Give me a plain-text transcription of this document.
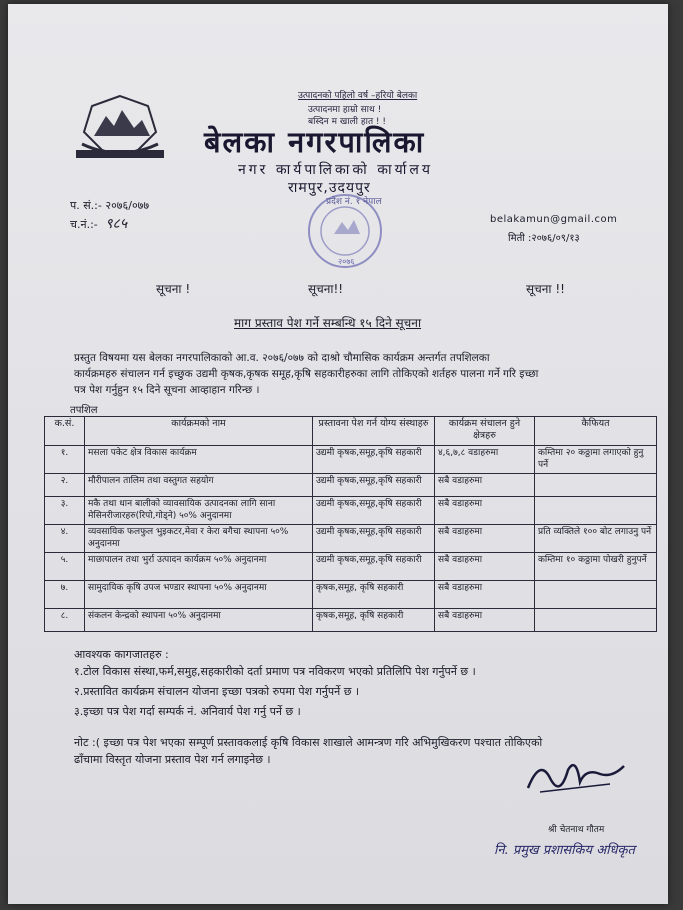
उत्पादनको पहिलो वर्ष –हरियो बेलका
उत्पादनमा हाम्रो साथ !
बस्दिन म खाली हात ! !
बेलका नगरपालिका
नगर कार्यपालिकाको कार्यालय
रामपुर,उदयपुर
प. सं.:- २०७६/०७७
च.नं.:- ९८५
२०७६
प्रदेश नं. १ नेपाल
belakamun@gmail.com
मिती :२०७६/०९/१३
सूचना !	सूचना!!	सूचना !!
माग प्रस्ताव पेश गर्ने सम्बन्धि १५ दिने सूचना
प्रस्तुत विषयमा यस बेलका नगरपालिकाको आ.व. २०७६/०७७ को दाश्रो चौमासिक कार्यक्रम अन्तर्गत तपशिलका
कार्यक्रमहरु संचालन गर्न इच्छुक उद्यमी कृषक,कृषक समूह,कृषि सहकारीहरुका लागि तोकिएको शर्तहरु पालना गर्ने गरि इच्छा
पत्र पेश गर्नुहुन १५ दिने सूचना आव्हाहान गरिन्छ ।
तपशिल
क.सं.	कार्यक्रमको नाम	प्रस्तावना पेश गर्न योग्य संस्थाहरु	कार्यक्रम संचालन हुने क्षेत्रहरु	कैफियत
१.	मसला पकेट क्षेत्र विकास कार्यक्रम	उद्यमी कृषक,समूह,कृषि सहकारी	४,६,७,८ वडाहरुमा	कम्तिमा २० कठ्ठामा लगाएको हुनु पर्ने
२.	मौरीपालन तालिम तथा वस्तुगत सहयोग	उद्यमी कृषक,समूह,कृषि सहकारी	सबै वडाहरुमा	
३.	मकै तथा धान बालीको व्यावसायिक उत्पादनका लागि साना मेसिनरीजारहरु(रिपो,गोड्ने) ५०% अनुदानमा	उद्यमी कृषक,समूह,कृषि सहकारी	सबै वडाहरुमा	
४.	व्यवसायिक फलफुल भुइकटर,मेवा र केरा बगैचा स्थापना ५०% अनुदानमा	उद्यमी कृषक,समूह,कृषि सहकारी	सबै वडाहरुमा	प्रति व्यक्तिले १०० बोट लगाउनु पर्ने
५.	माछापालन तथा भुर्रा उत्पादन कार्यक्रम ५०% अनुदानमा	उद्यमी कृषक,समूह,कृषि सहकारी	सबै वडाहरुमा	कम्तिमा १० कठ्ठामा पोखरी हुनुपर्ने
७.	सामुदायिक कृषि उपज भण्डार स्थापना ५०% अनुदानमा	कृषक,समूह, कृषि सहकारी	सबै वडाहरुमा	
८.	संकलन केन्द्रको स्थापना ५०% अनुदानमा	कृषक,समूह, कृषि सहकारी	सबै वडाहरुमा	
आवश्यक कागजातहरु :
१.टोल विकास संस्था,फर्म,समुह,सहकारीको दर्ता प्रमाण पत्र नविकरण भएको प्रतिलिपि पेश गर्नुपर्ने छ ।
२.प्रस्तावित कार्यक्रम संचालन योजना इच्छा पत्रको रुपमा पेश गर्नुपर्ने छ ।
३.इच्छा पत्र पेश गर्दा सम्पर्क नं. अनिवार्य पेश गर्नु पर्ने छ ।
नोट :( इच्छा पत्र पेश भएका सम्पूर्ण प्रस्तावकलाई कृषि विकास शाखाले आमन्त्रण गरि अभिमुखिकरण पश्चात तोकिएको
ढाँचामा विस्तृत योजना प्रस्ताव पेश गर्न लगाइनेछ ।
श्री चेतनाथ गौतम
नि. प्रमुख प्रशासकिय अधिकृत
